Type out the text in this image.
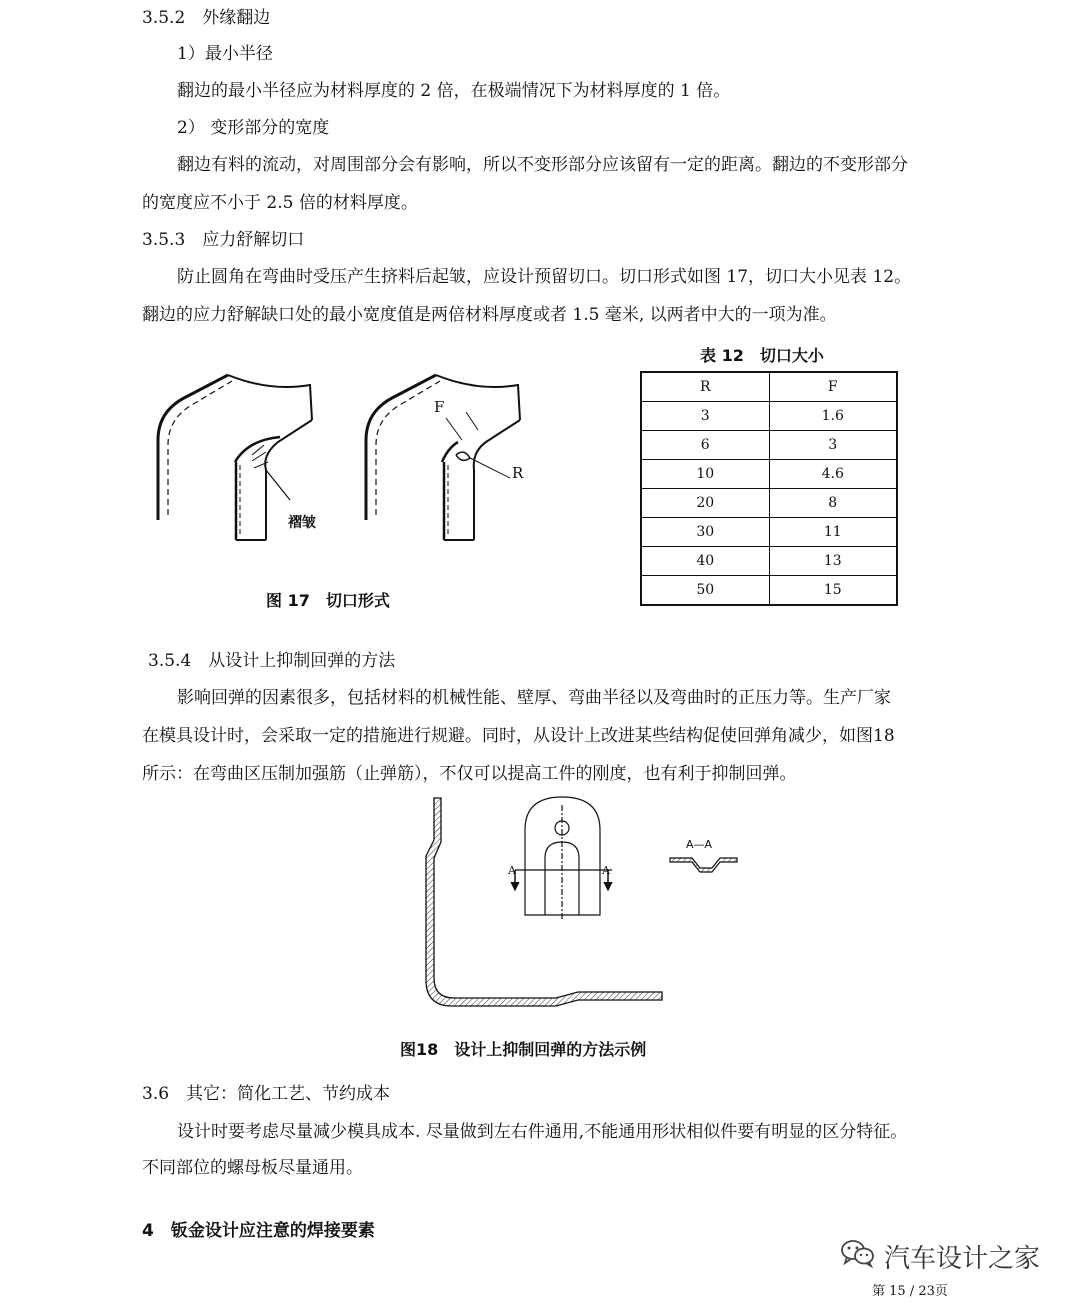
3.5.2　外缘翻边
1）最小半径
翻边的最小半径应为材料厚度的 2 倍，在极端情况下为材料厚度的 1 倍。
2） 变形部分的宽度
翻边有料的流动，对周围部分会有影响，所以不变形部分应该留有一定的距离。翻边的不变形部分
的宽度应不小于 2.5 倍的材料厚度。
3.5.3　应力舒解切口
防止圆角在弯曲时受压产生挤料后起皱，应设计预留切口。切口形式如图 17，切口大小见表 12。
翻边的应力舒解缺口处的最小宽度值是两倍材料厚度或者 1.5 毫米, 以两者中大的一项为准。
表 12　切口大小
R	F
3	1.6
6	3
10	4.6
20	8
30	11
40	13
50	15
褶皱
F
R
图 17　切口形式
3.5.4　从设计上抑制回弹的方法
影响回弹的因素很多，包括材料的机械性能、壁厚、弯曲半径以及弯曲时的正压力等。生产厂家
在模具设计时，会采取一定的措施进行规避。同时，从设计上改进某些结构促使回弹角减少，如图18
所示：在弯曲区压制加强筋（止弹筋），不仅可以提高工件的刚度，也有利于抑制回弹。
A	A
A—A
图18　设计上抑制回弹的方法示例
3.6　其它：简化工艺、节约成本
设计时要考虑尽量减少模具成本. 尽量做到左右件通用,不能通用形状相似件要有明显的区分特征。
不同部位的螺母板尽量通用。
4　钣金设计应注意的焊接要素
汽车设计之家
第 15 / 23页
